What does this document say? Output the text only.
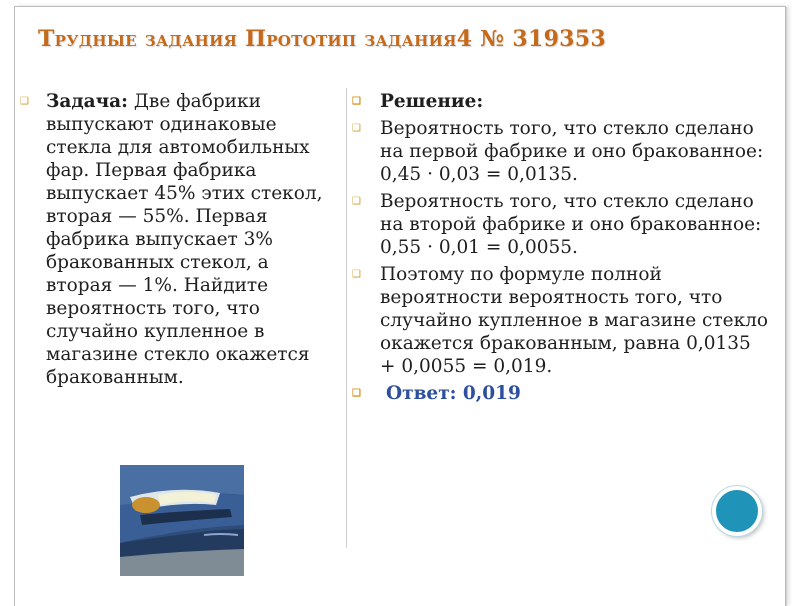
Трудные задания Прототип задания4 № 319353

❑ Задача: Две фабрики выпускают одинаковые стекла для автомобильных фар. Первая фабрика выпускает 45% этих стекол, вторая — 55%. Первая фабрика выпускает 3% бракованных стекол, а вторая — 1%. Найдите вероятность того, что случайно купленное в магазине стекло окажется бракованным.

❑ Решение:

❑ Вероятность того, что стекло сделано на первой фабрике и оно бракованное: 0,45 · 0,03 = 0,0135.

❑ Вероятность того, что стекло сделано на второй фабрике и оно бракованное: 0,55 · 0,01 = 0,0055.

❑ Поэтому по формуле полной вероятности вероятность того, что случайно купленное в магазине стекло окажется бракованным, равна 0,0135 + 0,0055 = 0,019.

❑ Ответ: 0,019
